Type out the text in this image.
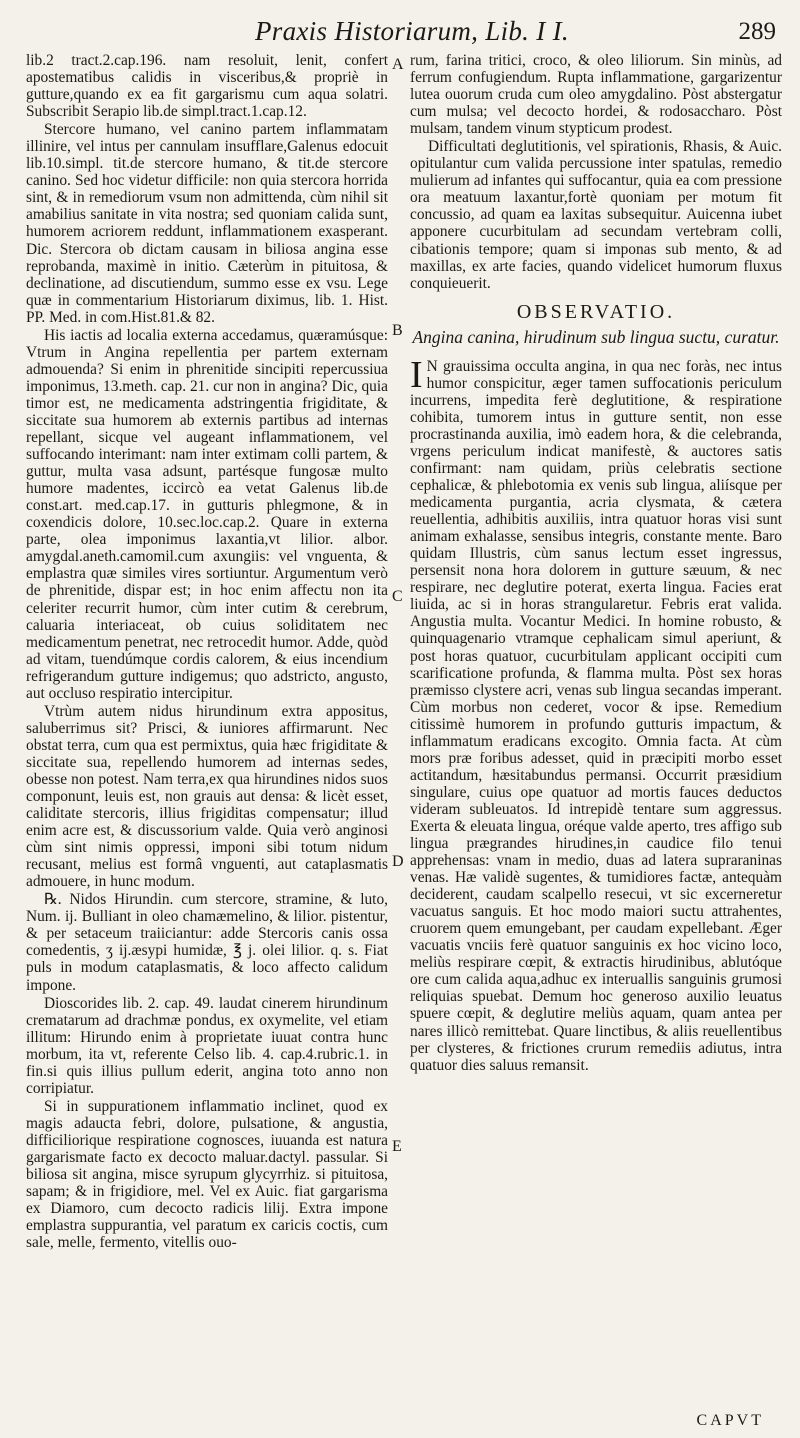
Praxis Historiarum, Lib. I I.	289
A
B
C
D
E

lib.2 tract.2.cap.196. nam resoluit, lenit, confert apostematibus calidis in visceribus,& propriè in gutture,quando ex ea fit gargarismu cum aqua solatri. Subscribit Serapio lib.de simpl.tract.1.cap.12.

Stercore humano, vel canino partem inflammatam illinire, vel intus per cannulam insufflare,Galenus edocuit lib.10.simpl. tit.de stercore humano, & tit.de stercore canino. Sed hoc videtur difficile: non quia stercora horrida sint, & in remediorum vsum non admittenda, cùm nihil sit amabilius sanitate in vita nostra; sed quoniam calida sunt, humorem acriorem reddunt, inflammationem exasperant. Dic. Stercora ob dictam causam in biliosa angina esse reprobanda, maximè in initio. Cæterùm in pituitosa, & declinatione, ad discutiendum, summo esse ex vsu. Lege quæ in commentarium Historiarum diximus, lib. 1. Hist. PP. Med. in com.Hist.81.& 82.

His iactis ad localia externa accedamus, quæramúsque: Vtrum in Angina repellentia per partem externam admouenda? Si enim in phrenitide sincipiti repercussiua imponimus, 13.meth. cap. 21. cur non in angina? Dic, quia timor est, ne medicamenta adstringentia frigiditate, & siccitate sua humorem ab externis partibus ad internas repellant, sicque vel augeant inflammationem, vel suffocando interimant: nam inter extimam colli partem, & guttur, multa vasa adsunt, partésque fungosæ multo humore madentes, iccircò ea vetat Galenus lib.de const.art. med.cap.17. in gutturis phlegmone, & in coxendicis dolore, 10.sec.loc.cap.2. Quare in externa parte, olea imponimus laxantia,vt lilior. albor. amygdal.aneth.camomil.cum axungiis: vel vnguenta, & emplastra quæ similes vires sortiuntur. Argumentum verò de phrenitide, dispar est; in hoc enim affectu non ita celeriter recurrit humor, cùm inter cutim & cerebrum, caluaria interiaceat, ob cuius soliditatem nec medicamentum penetrat, nec retrocedit humor. Adde, quòd ad vitam, tuendúmque cordis calorem, & eius incendium refrigerandum gutture indigemus; quo adstricto, angusto, aut occluso respiratio intercipitur.

Vtrùm autem nidus hirundinum extra appositus, saluberrimus sit? Prisci, & iuniores affirmarunt. Nec obstat terra, cum qua est permixtus, quia hæc frigiditate & siccitate sua, repellendo humorem ad internas sedes, obesse non potest. Nam terra,ex qua hirundines nidos suos componunt, leuis est, non grauis aut densa: & licèt esset, caliditate stercoris, illius frigiditas compensatur; illud enim acre est, & discussorium valde. Quia verò anginosi cùm sint nimis oppressi, imponi sibi totum nidum recusant, melius est formâ vnguenti, aut cataplasmatis admouere, in hunc modum.

℞. Nidos Hirundin. cum stercore, stramine, & luto, Num. ij. Bulliant in oleo chamæmelino, & lilior. pistentur, & per setaceum traiiciantur: adde Stercoris canis ossa comedentis, ʒ ij.æsypi humidæ, ℥ j. olei lilior. q. s. Fiat puls in modum cataplasmatis, & loco affecto calidum impone.

Dioscorides lib. 2. cap. 49. laudat cinerem hirundinum crematarum ad drachmæ pondus, ex oxymelite, vel etiam illitum: Hirundo enim à proprietate iuuat contra hunc morbum, ita vt, referente Celso lib. 4. cap.4.rubric.1. in fin.si quis illius pullum ederit, angina toto anno non corripiatur.

Si in suppurationem inflammatio inclinet, quod ex magis adaucta febri, dolore, pulsatione, & angustia, difficiliorique respiratione cognosces, iuuanda est natura gargarismate facto ex decocto maluar.dactyl. passular. Si biliosa sit angina, misce syrupum glycyrrhiz. si pituitosa, sapam; & in frigidiore, mel. Vel ex Auic. fiat gargarisma ex Diamoro, cum decocto radicis lilij. Extra impone emplastra suppurantia, vel paratum ex caricis coctis, cum sale, melle, fermento, vitellis ouo-

rum, farina tritici, croco, & oleo liliorum. Sin minùs, ad ferrum confugiendum. Rupta inflammatione, gargarizentur lutea ouorum cruda cum oleo amygdalino. Pòst abstergatur cum mulsa; vel decocto hordei, & rodosaccharo. Pòst mulsam, tandem vinum stypticum prodest.

Difficultati deglutitionis, vel spirationis, Rhasis, & Auic. opitulantur cum valida percussione inter spatulas, remedio mulierum ad infantes qui suffocantur, quia ea com pressione ora meatuum laxantur,fortè quoniam per motum fit concussio, ad quam ea laxitas subsequitur. Auicenna iubet apponere cucurbitulam ad secundam vertebram colli, cibationis tempore; quam si imponas sub mento, & ad maxillas, ex arte facies, quando videlicet humorum fluxus conquieuerit.

OBSERVATIO.
Angina canina, hirudinum sub lingua suctu, curatur.

I N grauissima occulta angina, in qua nec foràs, nec intus humor conspicitur, æger tamen suffocationis periculum incurrens, impedita ferè deglutitione, & respiratione cohibita, tumorem intus in gutture sentit, non esse procrastinanda auxilia, imò eadem hora, & die celebranda, vrgens periculum indicat manifestè, & auctores satis confirmant: nam quidam, priùs celebratis sectione cephalicæ, & phlebotomia ex venis sub lingua, aliísque per medicamenta purgantia, acria clysmata, & cætera reuellentia, adhibitis auxiliis, intra quatuor horas visi sunt animam exhalasse, sensibus integris, constante mente. Baro quidam Illustris, cùm sanus lectum esset ingressus, persensit nona hora dolorem in gutture sæuum, & nec respirare, nec deglutire poterat, exerta lingua. Facies erat liuida, ac si in horas strangularetur. Febris erat valida. Angustia multa. Vocantur Medici. In homine robusto, & quinquagenario vtramque cephalicam simul aperiunt, & post horas quatuor, cucurbitulam applicant occipiti cum scarificatione profunda, & flamma multa. Pòst sex horas præmisso clystere acri, venas sub lingua secandas imperant. Cùm morbus non cederet, vocor & ipse. Remedium citissimè humorem in profundo gutturis impactum, & inflammatum eradicans excogito. Omnia facta. At cùm mors præ foribus adesset, quid in præcipiti morbo esset actitandum, hæsitabundus permansi. Occurrit præsidium singulare, cuius ope quatuor ad mortis fauces deductos videram subleuatos. Id intrepidè tentare sum aggressus. Exerta & eleuata lingua, oréque valde aperto, tres affigo sub lingua prægrandes hirudines,in caudice filo tenui apprehensas: vnam in medio, duas ad latera supraraninas venas. Hæ validè sugentes, & tumidiores factæ, antequàm deciderent, caudam scalpello resecui, vt sic excerneretur vacuatus sanguis. Et hoc modo maiori suctu attrahentes, cruorem quem emungebant, per caudam expellebant. Æger vacuatis vnciis ferè quatuor sanguinis ex hoc vicino loco, meliùs respirare cœpit, & extractis hirudinibus, ablutóque ore cum calida aqua,adhuc ex interuallis sanguinis grumosi reliquias spuebat. Demum hoc generoso auxilio leuatus spuere cœpit, & deglutire meliùs aquam, quam antea per nares illicò remittebat. Quare linctibus, & aliis reuellentibus per clysteres, & frictiones crurum remediis adiutus, intra quatuor dies saluus remansit.

CAPVT
